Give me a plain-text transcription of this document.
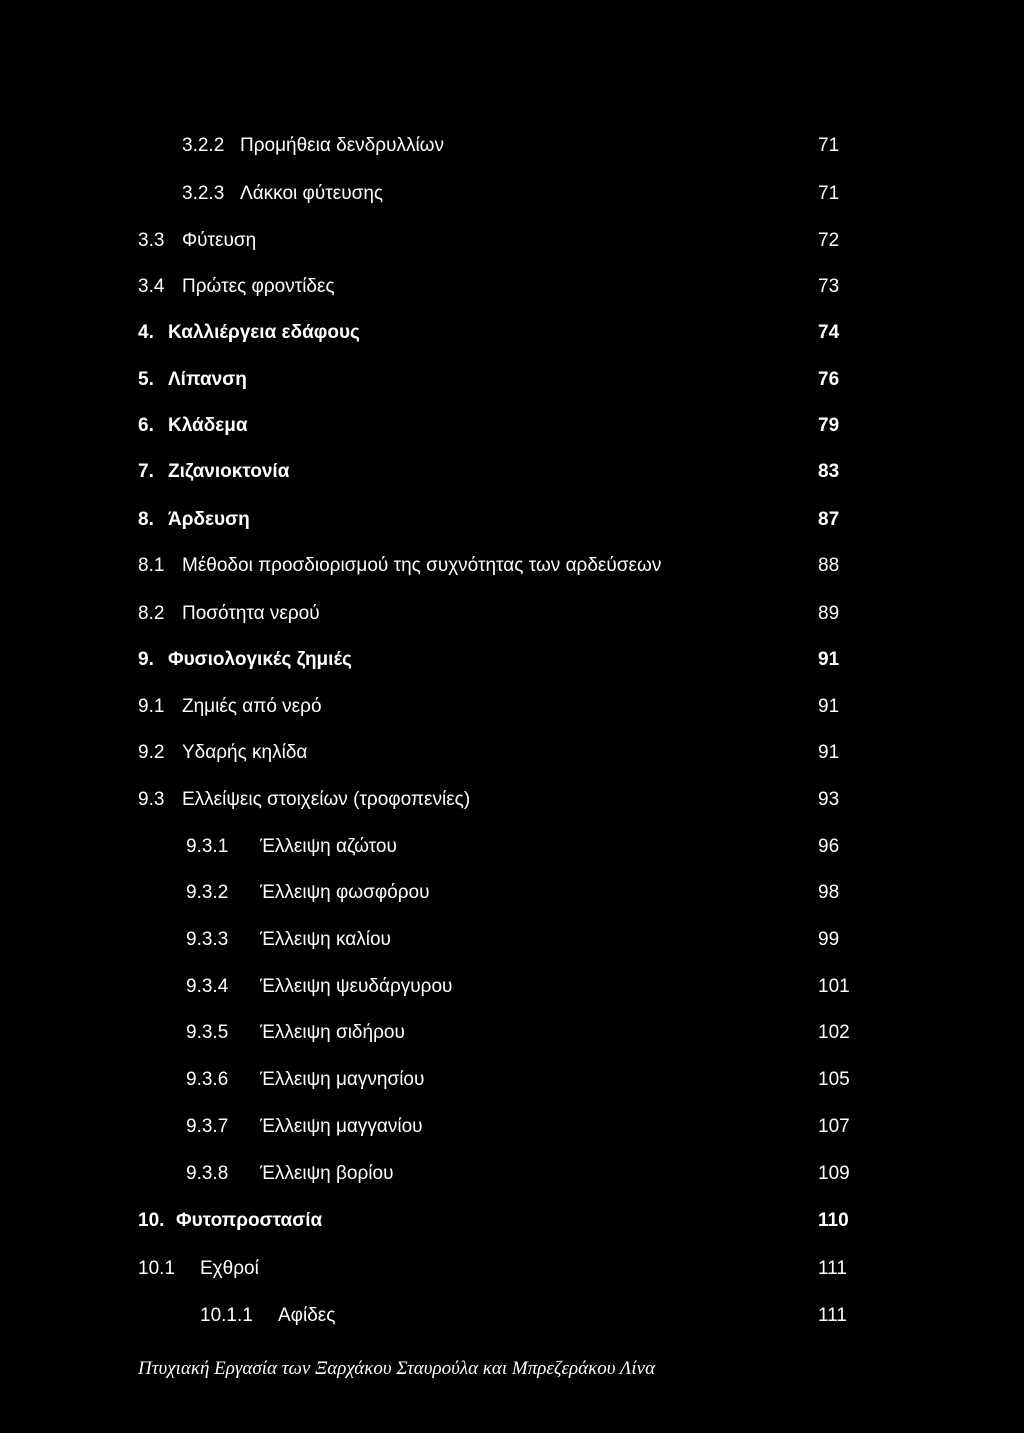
3.2.2 Προμήθεια δενδρυλλίων	71
3.2.3 Λάκκοι φύτευσης	71
3.3 Φύτευση	72
3.4 Πρώτες φροντίδες	73
4. Καλλιέργεια εδάφους	74
5. Λίπανση	76
6. Κλάδεμα	79
7. Ζιζανιοκτονία	83
8. Άρδευση	87
8.1 Μέθοδοι προσδιορισμού της συχνότητας των αρδεύσεων	88
8.2 Ποσότητα νερού	89
9. Φυσιολογικές ζημιές	91
9.1 Ζημιές από νερό	91
9.2 Υδαρής κηλίδα	91
9.3 Ελλείψεις στοιχείων (τροφοπενίες)	93
9.3.1 Έλλειψη αζώτου	96
9.3.2 Έλλειψη φωσφόρου	98
9.3.3 Έλλειψη καλίου	99
9.3.4 Έλλειψη ψευδάργυρου	101
9.3.5 Έλλειψη σιδήρου	102
9.3.6 Έλλειψη μαγνησίου	105
9.3.7 Έλλειψη μαγγανίου	107
9.3.8 Έλλειψη βορίου	109
10. Φυτοπροστασία	110
10.1 Εχθροί	111
10.1.1 Αφίδες	111
Πτυχιακή Εργασία των Ξαρχάκου Σταυρούλα και Μπρεζεράκου Λίνα
